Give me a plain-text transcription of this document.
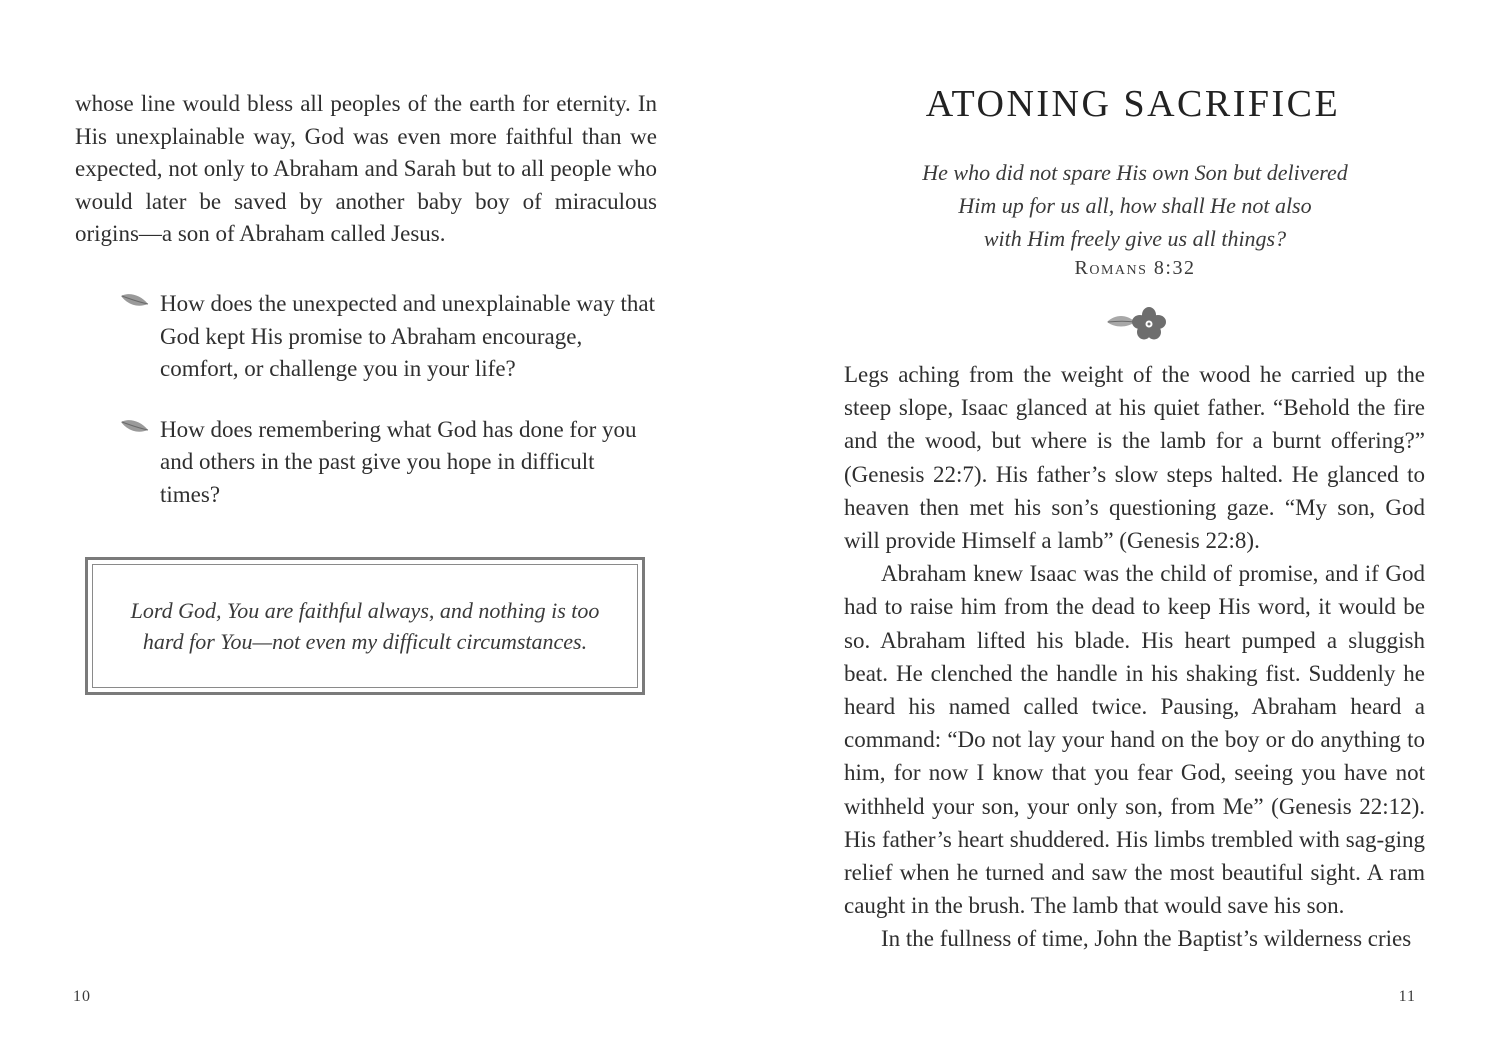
whose line would bless all peoples of the earth for eternity. In His unexplainable way, God was even more faithful than we expected, not only to Abraham and Sarah but to all people who would later be saved by another baby boy of miraculous origins—a son of Abraham called Jesus.

How does the unexpected and unexplainable way that God kept His promise to Abraham encourage, comfort, or challenge you in your life?
How does remembering what God has done for you and others in the past give you hope in difficult times?

Lord God, You are faithful always, and nothing is too hard for You—not even my difficult circumstances.

10
ATONING SACRIFICE

He who did not spare His own Son but delivered

Him up for us all, how shall He not also

with Him freely give us all things?

Romans 8:32

Legs aching from the weight of the wood he carried up the steep slope, Isaac glanced at his quiet father. “Behold the fire and the wood, but where is the lamb for a burnt offering?” (Genesis 22:7). His father’s slow steps halted. He glanced to heaven then met his son’s questioning gaze. “My son, God will provide Himself a lamb” (Genesis 22:8).

Abraham knew Isaac was the child of promise, and if God had to raise him from the dead to keep His word, it would be so. Abraham lifted his blade. His heart pumped a sluggish beat. He clenched the handle in his shaking fist. Suddenly he heard his named called twice. Pausing, Abraham heard a command: “Do not lay your hand on the boy or do anything to him, for now I know that you fear God, seeing you have not withheld your son, your only son, from Me” (Genesis 22:12). His father’s heart shuddered. His limbs trembled with sag-ging relief when he turned and saw the most beautiful sight. A ram caught in the brush. The lamb that would save his son.

In the fullness of time, John the Baptist’s wilderness cries

11
